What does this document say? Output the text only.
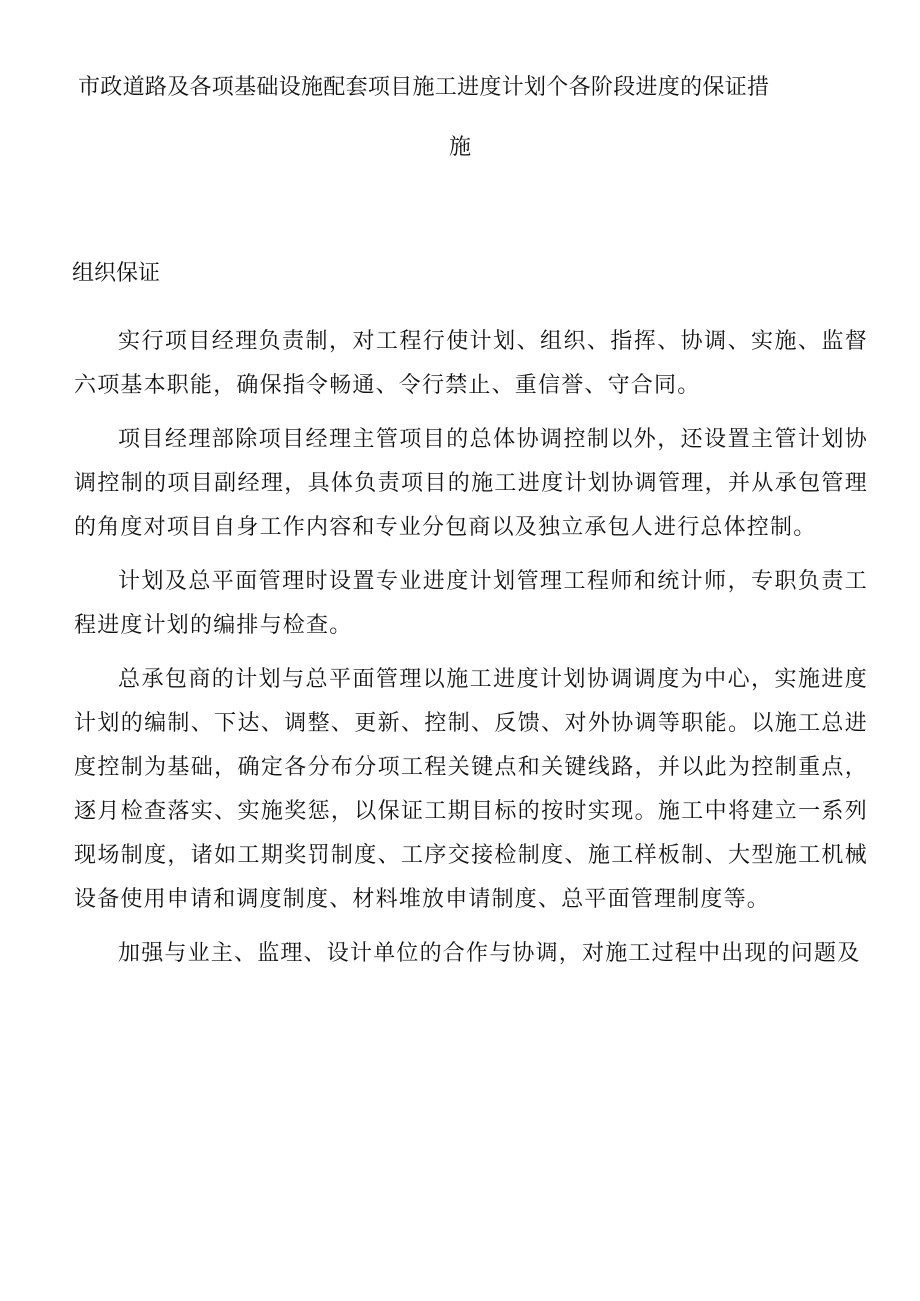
市政道路及各项基础设施配套项目施工进度计划个各阶段进度的保证措
施
组织保证

实行项目经理负责制，对工程行使计划、组织、指挥、协调、实施、监督六项基本职能，确保指令畅通、令行禁止、重信誉、守合同。

项目经理部除项目经理主管项目的总体协调控制以外，还设置主管计划协调控制的项目副经理，具体负责项目的施工进度计划协调管理，并从承包管理的角度对项目自身工作内容和专业分包商以及独立承包人进行总体控制。

计划及总平面管理时设置专业进度计划管理工程师和统计师，专职负责工程进度计划的编排与检查。

总承包商的计划与总平面管理以施工进度计划协调调度为中心，实施进度计划的编制、下达、调整、更新、控制、反馈、对外协调等职能。以施工总进度控制为基础，确定各分布分项工程关键点和关键线路，并以此为控制重点，逐月检查落实、实施奖惩，以保证工期目标的按时实现。施工中将建立一系列现场制度，诸如工期奖罚制度、工序交接检制度、施工样板制、大型施工机械设备使用申请和调度制度、材料堆放申请制度、总平面管理制度等。

加强与业主、监理、设计单位的合作与协调，对施工过程中出现的问题及
